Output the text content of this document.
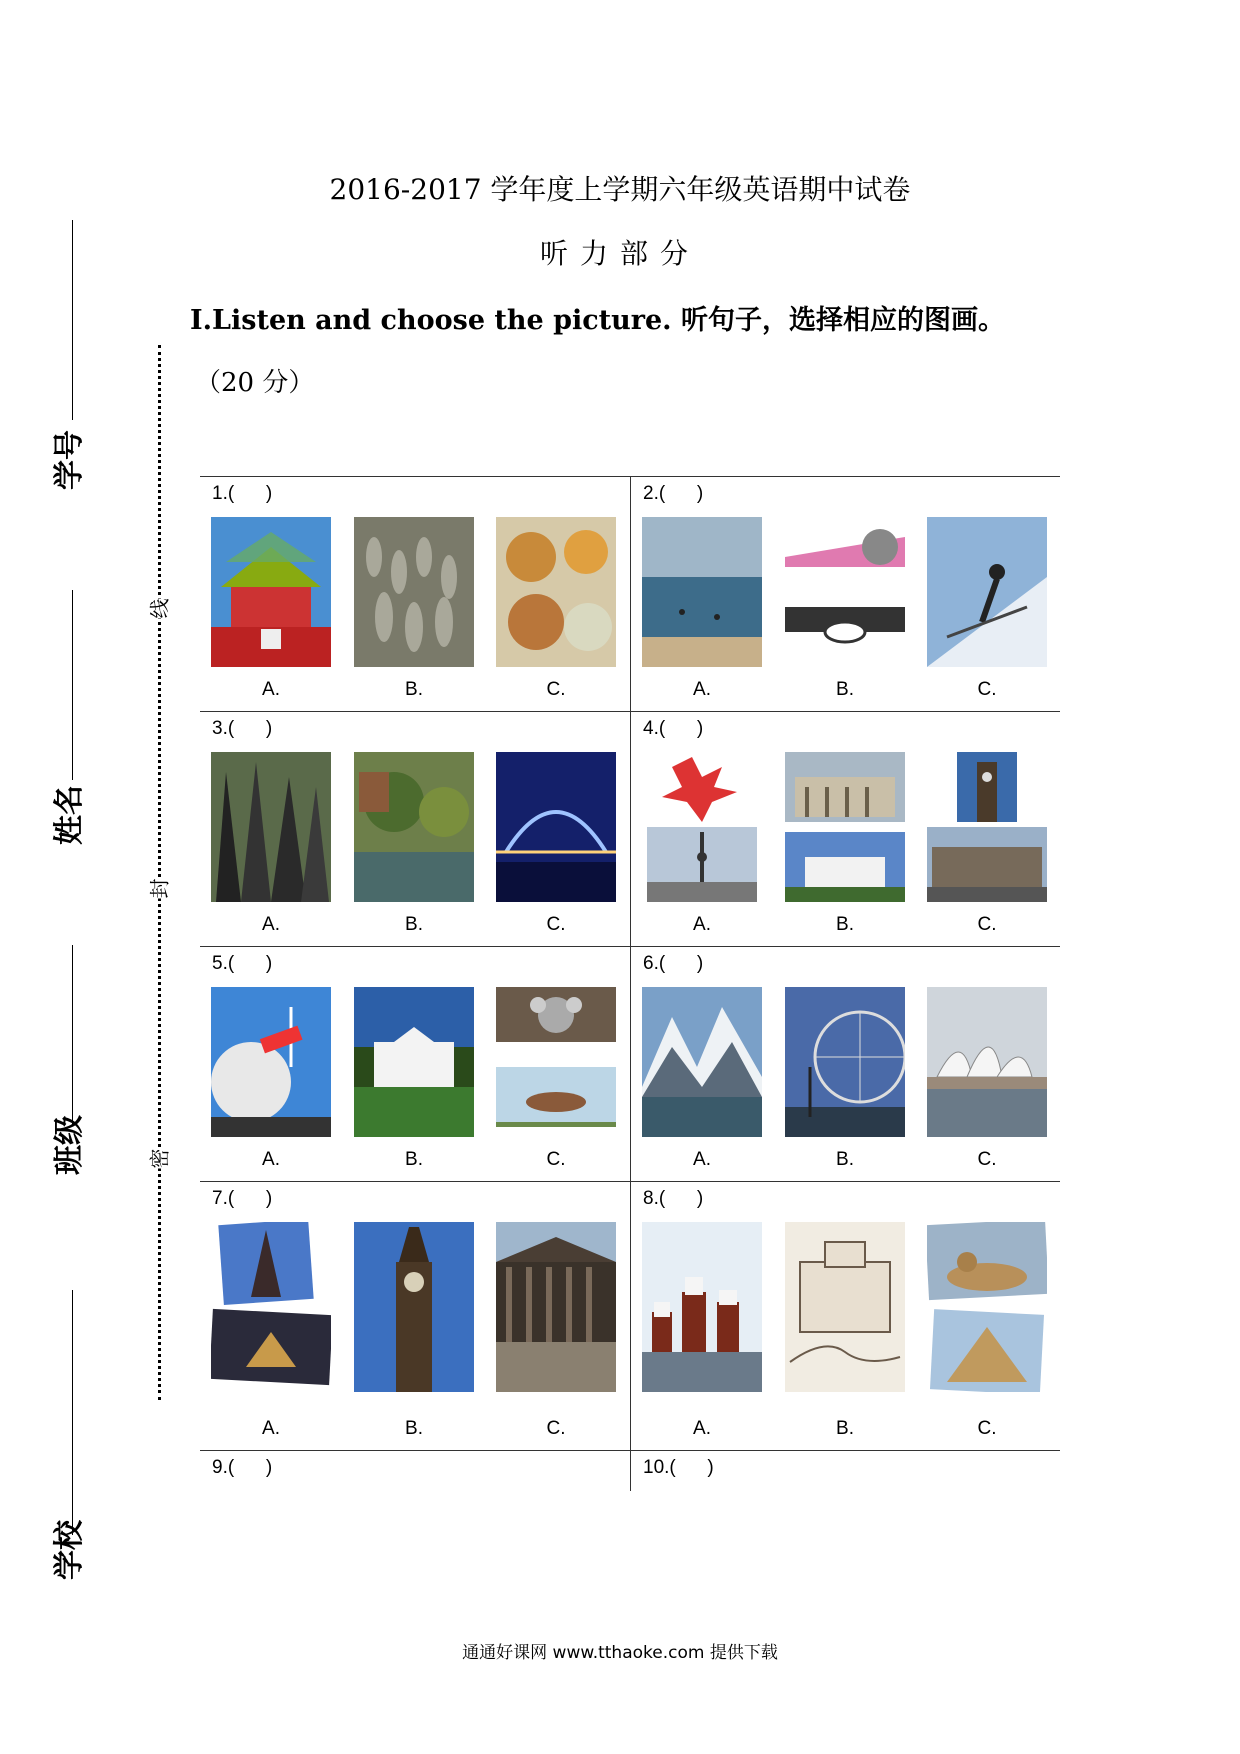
学号
姓名
班级
学校
线
封
密
2016-2017 学年度上学期六年级英语期中试卷
听力部分
I.Listen and choose the picture. 听句子，选择相应的图画。
（20 分）
1.(      )
A.	B.	C.
2.(      )
A.	B.	C.
3.(      )
A.	B.	C.
4.(      )
A.	B.	C.
5.(      )
A.	B.	C.
6.(      )
A.	B.	C.
7.(      )
A.	B.	C.
8.(      )
A.	B.	C.
9.(      )	10.(      )
通通好课网 www.tthaoke.com 提供下载
